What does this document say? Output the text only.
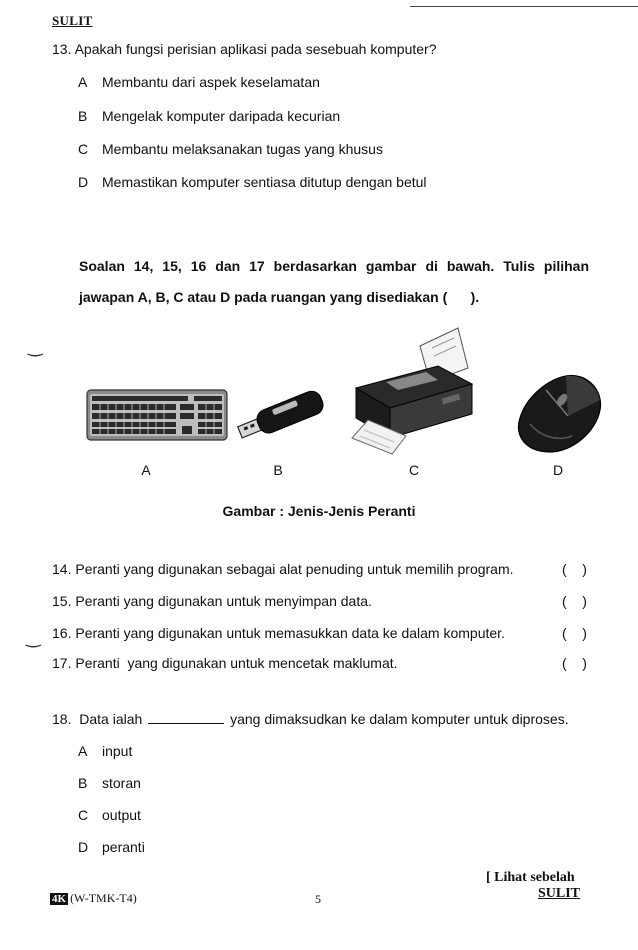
SULIT
13. Apakah fungsi perisian aplikasi pada sesebuah komputer?
A Membantu dari aspek keselamatan
B Mengelak komputer daripada kecurian
C Membantu melaksanakan tugas yang khusus
D Memastikan komputer sentiasa ditutup dengan betul
Soalan 14, 15, 16 dan 17 berdasarkan gambar di bawah. Tulis pilihan
jawapan A, B, C atau D pada ruangan yang disediakan (      ).
‿
‿
A	B	C	D
Gambar : Jenis-Jenis Peranti
14. Peranti yang digunakan sebagai alat penuding untuk memilih program.	(    )
15. Peranti yang digunakan untuk menyimpan data.	(    )
16. Peranti yang digunakan untuk memasukkan data ke dalam komputer.	(    )
17. Peranti  yang digunakan untuk mencetak maklumat.	(    )
18.  Data ialah	yang dimaksudkan ke dalam komputer untuk diproses.
A input
B storan
C output
D peranti
[ Lihat sebelah
4K (W-TMK-T4)	5	SULIT
